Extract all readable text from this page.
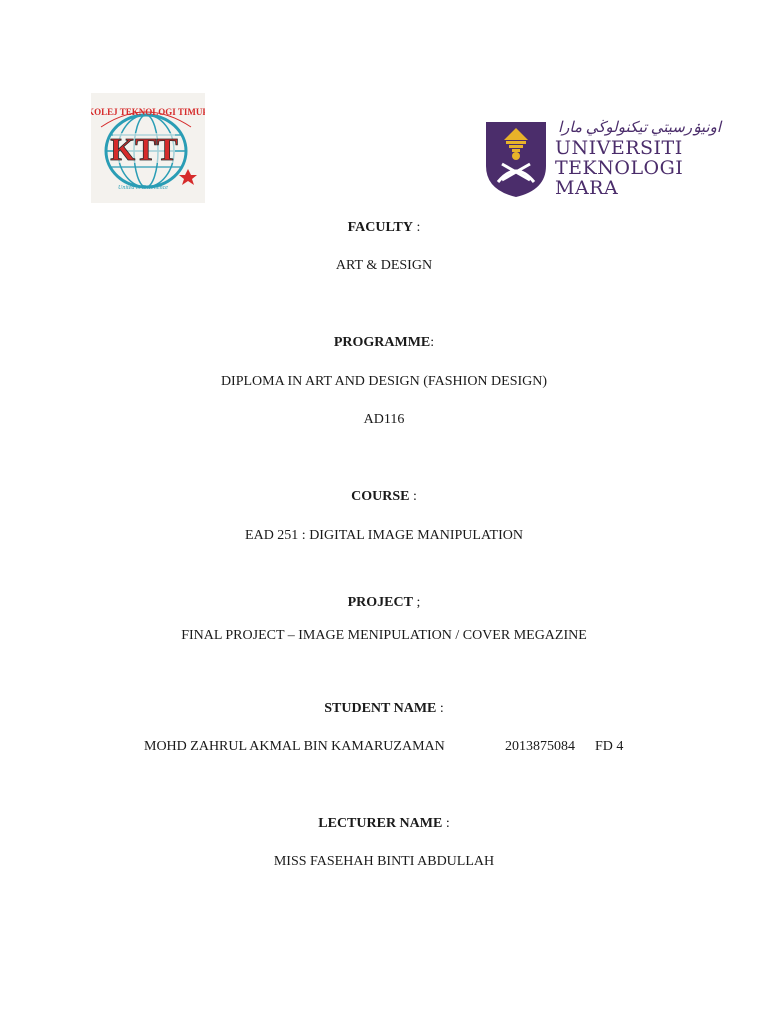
KOLEJ TEKNOLOGI TIMUR
KTT
United in Excellence
اونيۏرسيتي تيكنولوڬي مارا
UNIVERSITI
TEKNOLOGI
MARA
FACULTY :
ART & DESIGN
PROGRAMME:
DIPLOMA IN ART AND DESIGN (FASHION DESIGN)
AD116
COURSE :
EAD 251 : DIGITAL IMAGE MANIPULATION
PROJECT ;
FINAL PROJECT – IMAGE MENIPULATION / COVER MEGAZINE
STUDENT NAME :
MOHD ZAHRUL AKMAL BIN KAMARUZAMAN	2013875084 FD 4
LECTURER NAME :
MISS FASEHAH BINTI ABDULLAH
